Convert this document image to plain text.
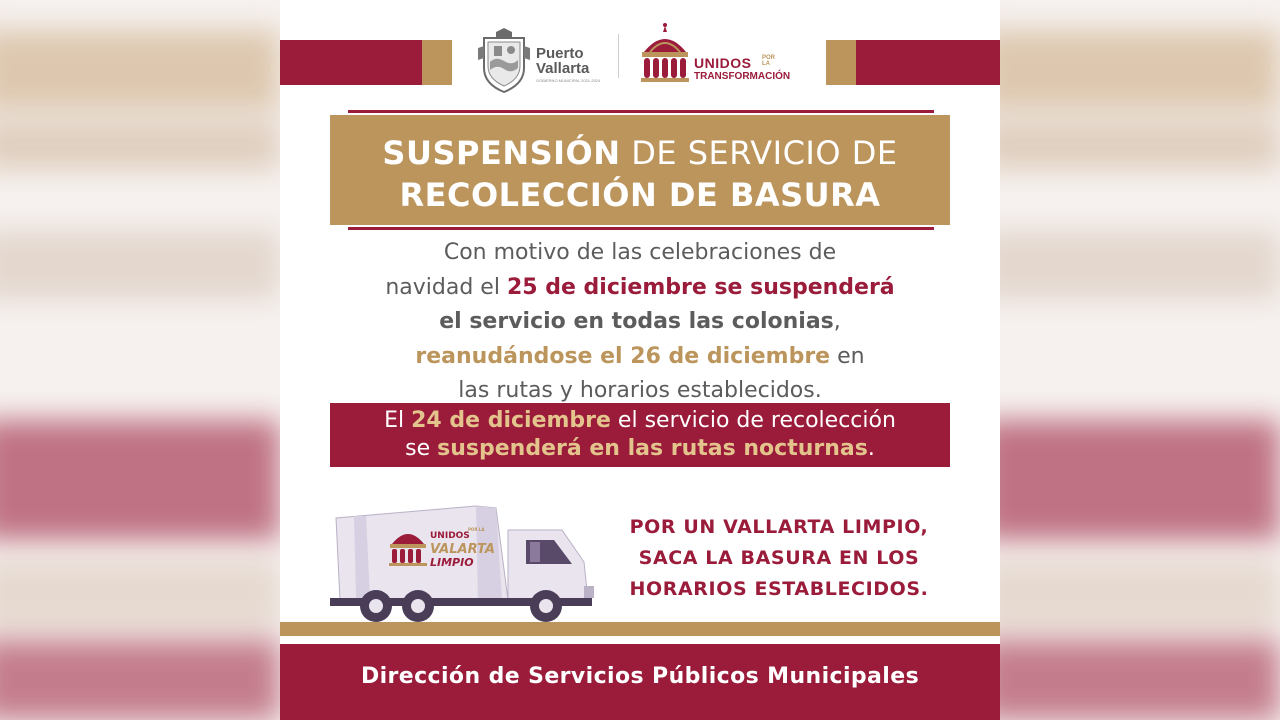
Puerto
Vallarta
GOBIERNO MUNICIPAL 2021-2024
UNIDOS POR
LA
TRANSFORMACIÓN
SUSPENSIÓN DE SERVICIO DE
RECOLECCIÓN DE BASURA
Con motivo de las celebraciones de
navidad el 25 de diciembre se suspenderá
el servicio en todas las colonias,
reanudándose el 26 de diciembre en
las rutas y horarios establecidos.
El 24 de diciembre el servicio de recolección
se suspenderá en las rutas nocturnas.
UNIDOS
POR LA
VALARTA
LIMPIO
POR UN VALLARTA LIMPIO,
SACA LA BASURA EN LOS
HORARIOS ESTABLECIDOS.
Dirección de Servicios Públicos Municipales
